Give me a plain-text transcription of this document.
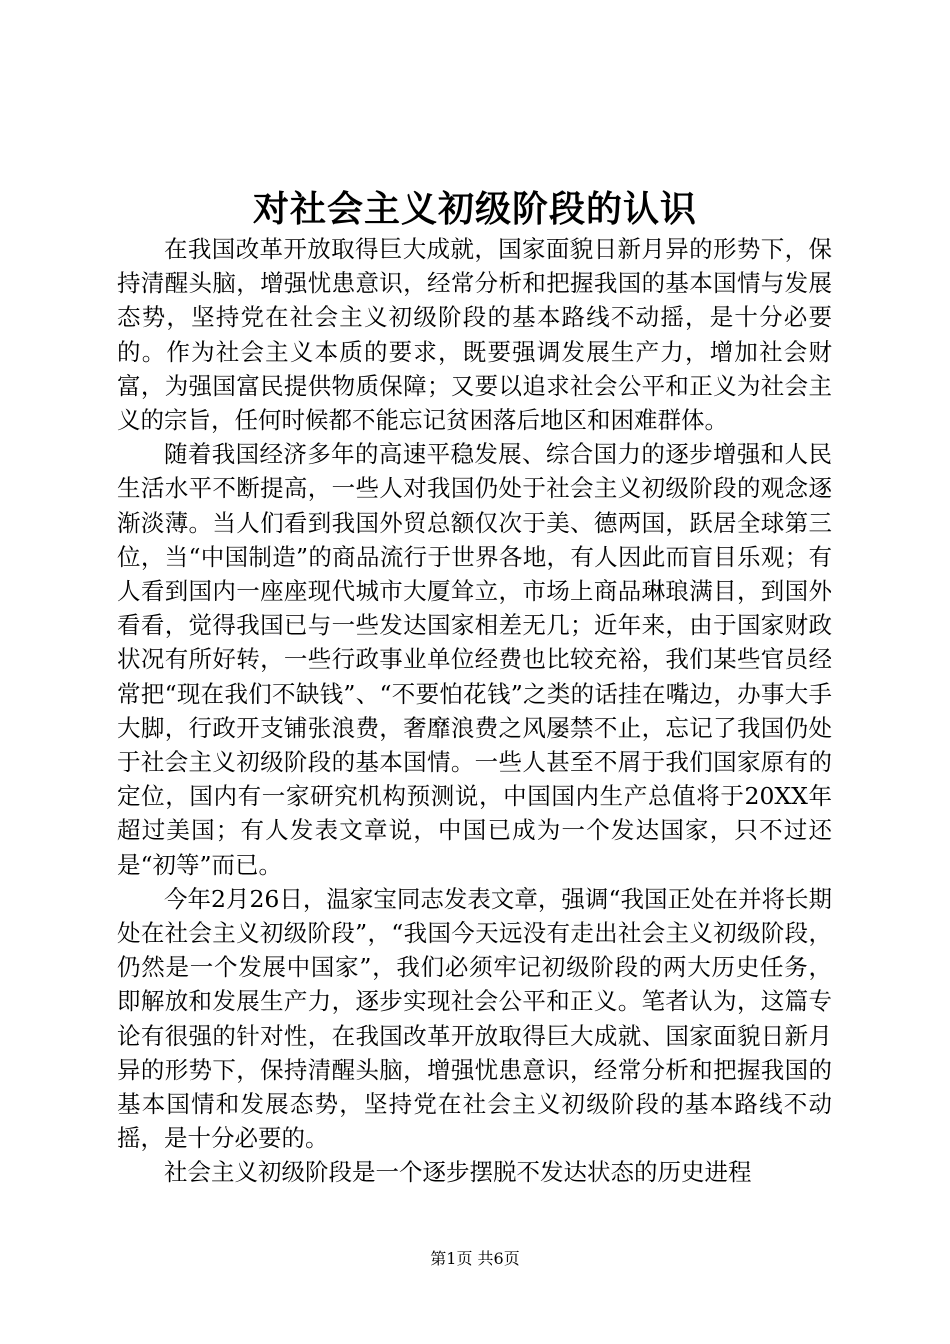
对社会主义初级阶段的认识

在我国改革开放取得巨大成就，国家面貌日新月异的形势下，保持清醒头脑，增强忧患意识，经常分析和把握我国的基本国情与发展态势，坚持党在社会主义初级阶段的基本路线不动摇，是十分必要的。作为社会主义本质的要求，既要强调发展生产力，增加社会财富，为强国富民提供物质保障；又要以追求社会公平和正义为社会主义的宗旨，任何时候都不能忘记贫困落后地区和困难群体。

随着我国经济多年的高速平稳发展、综合国力的逐步增强和人民生活水平不断提高，一些人对我国仍处于社会主义初级阶段的观念逐渐淡薄。当人们看到我国外贸总额仅次于美、德两国，跃居全球第三位，当“中国制造”的商品流行于世界各地，有人因此而盲目乐观；有人看到国内一座座现代城市大厦耸立，市场上商品琳琅满目，到国外看看，觉得我国已与一些发达国家相差无几；近年来，由于国家财政状况有所好转，一些行政事业单位经费也比较充裕，我们某些官员经常把“现在我们不缺钱”、“不要怕花钱”之类的话挂在嘴边，办事大手大脚，行政开支铺张浪费，奢靡浪费之风屡禁不止，忘记了我国仍处于社会主义初级阶段的基本国情。一些人甚至不屑于我们国家原有的定位，国内有一家研究机构预测说，中国国内生产总值将于20XX年超过美国；有人发表文章说，中国已成为一个发达国家，只不过还是“初等”而已。

今年2月26日，温家宝同志发表文章，强调“我国正处在并将长期处在社会主义初级阶段”，“我国今天远没有走出社会主义初级阶段，仍然是一个发展中国家”，我们必须牢记初级阶段的两大历史任务，即解放和发展生产力，逐步实现社会公平和正义。笔者认为，这篇专论有很强的针对性，在我国改革开放取得巨大成就、国家面貌日新月异的形势下，保持清醒头脑，增强忧患意识，经常分析和把握我国的基本国情和发展态势，坚持党在社会主义初级阶段的基本路线不动摇，是十分必要的。

社会主义初级阶段是一个逐步摆脱不发达状态的历史进程

第1页 共6页
